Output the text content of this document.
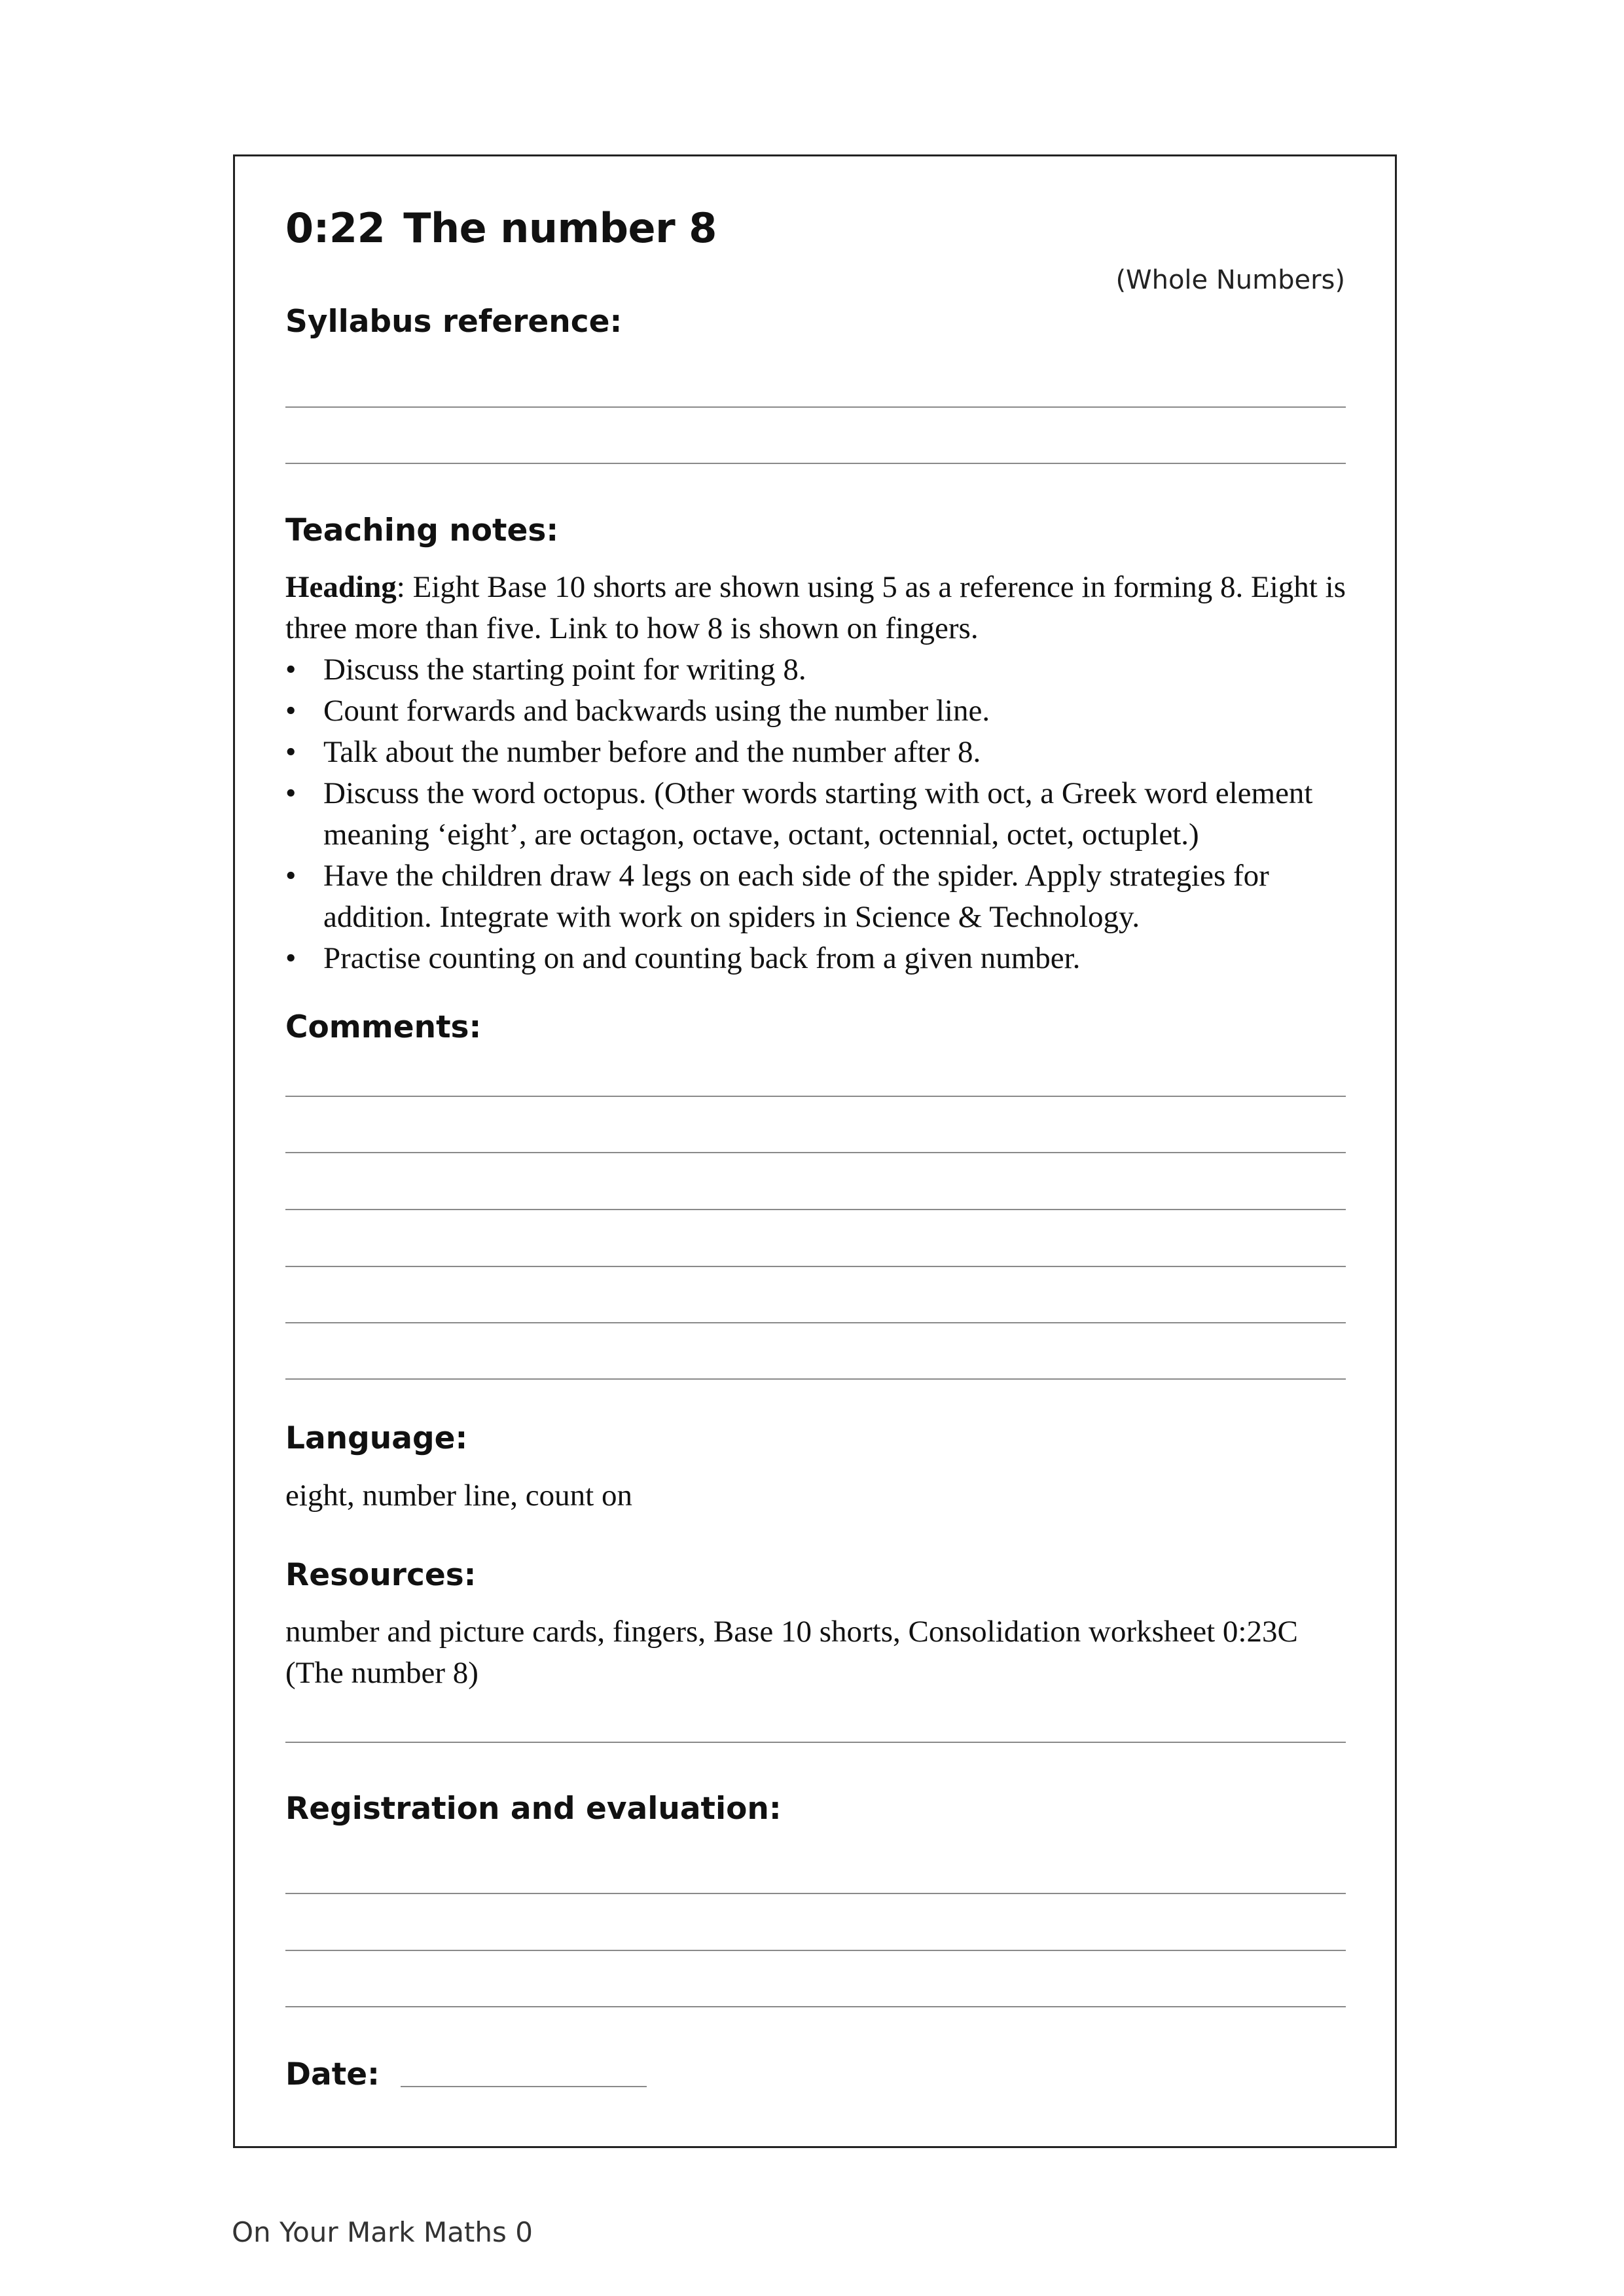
0:22 The number 8
(Whole Numbers)
Syllabus reference:
Teaching notes:
Heading: Eight Base 10 shorts are shown using 5 as a reference in forming 8. Eight is three more than five. Link to how 8 is shown on fingers.
• Discuss the starting point for writing 8.
• Count forwards and backwards using the number line.
• Talk about the number before and the number after 8.
• Discuss the word octopus. (Other words starting with oct, a Greek word element meaning ‘eight’, are octagon, octave, octant, octennial, octet, octuplet.)
• Have the children draw 4 legs on each side of the spider. Apply strategies for addition. Integrate with work on spiders in Science & Technology.
• Practise counting on and counting back from a given number.
Comments:
Language:
eight, number line, count on
Resources:
number and picture cards, fingers, Base 10 shorts, Consolidation worksheet 0:23C (The number 8)
Registration and evaluation:
Date:
On Your Mark Maths 0
